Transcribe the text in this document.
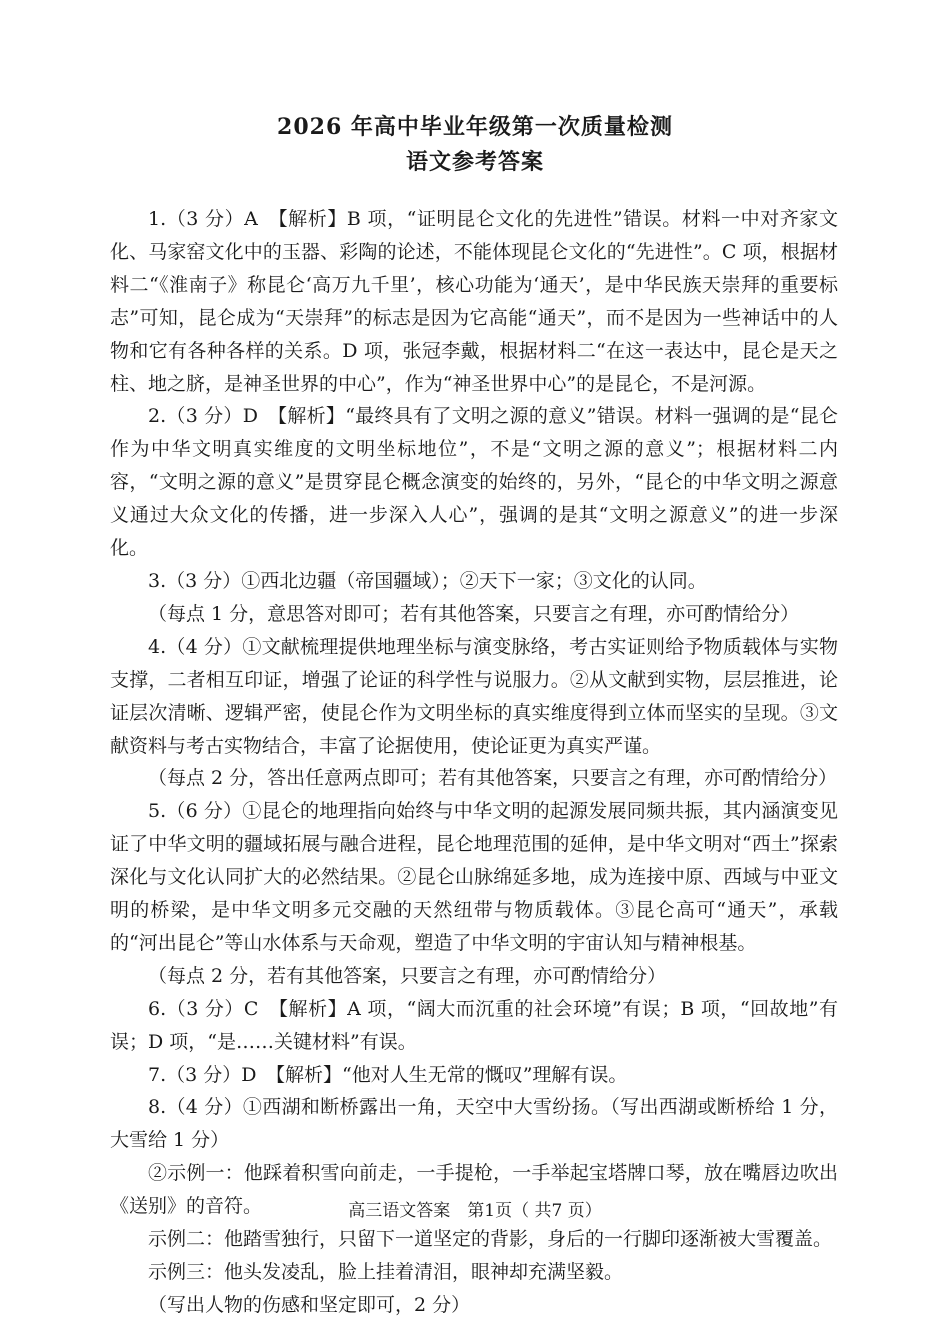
2026 年高中毕业年级第一次质量检测
语文参考答案

1.（3 分）A　【解析】B 项，“证明昆仑文化的先进性”错误。材料一中对齐家文化、马家窑文化中的玉器、彩陶的论述，不能体现昆仑文化的“先进性”。C 项，根据材料二“《淮南子》称昆仑‘高万九千里’，核心功能为‘通天’，是中华民族天崇拜的重要标志”可知，昆仑成为“天崇拜”的标志是因为它高能“通天”，而不是因为一些神话中的人物和它有各种各样的关系。D 项，张冠李戴，根据材料二“在这一表达中，昆仑是天之柱、地之脐，是神圣世界的中心”，作为“神圣世界中心”的是昆仑，不是河源。

2.（3 分）D　【解析】“最终具有了文明之源的意义”错误。材料一强调的是“昆仑作为中华文明真实维度的文明坐标地位”，不是“文明之源的意义”；根据材料二内容，“文明之源的意义”是贯穿昆仑概念演变的始终的，另外，“昆仑的中华文明之源意义通过大众文化的传播，进一步深入人心”，强调的是其“文明之源意义”的进一步深化。

3.（3 分）①西北边疆（帝国疆域）；②天下一家；③文化的认同。

（每点 1 分，意思答对即可；若有其他答案，只要言之有理，亦可酌情给分）

4.（4 分）①文献梳理提供地理坐标与演变脉络，考古实证则给予物质载体与实物支撑，二者相互印证，增强了论证的科学性与说服力。②从文献到实物，层层推进，论证层次清晰、逻辑严密，使昆仑作为文明坐标的真实维度得到立体而坚实的呈现。③文献资料与考古实物结合，丰富了论据使用，使论证更为真实严谨。

（每点 2 分，答出任意两点即可；若有其他答案，只要言之有理，亦可酌情给分）

5.（6 分）①昆仑的地理指向始终与中华文明的起源发展同频共振，其内涵演变见证了中华文明的疆域拓展与融合进程，昆仑地理范围的延伸，是中华文明对“西土”探索深化与文化认同扩大的必然结果。②昆仑山脉绵延多地，成为连接中原、西域与中亚文明的桥梁，是中华文明多元交融的天然纽带与物质载体。③昆仑高可“通天”，承载的“河出昆仑”等山水体系与天命观，塑造了中华文明的宇宙认知与精神根基。

（每点 2 分，若有其他答案，只要言之有理，亦可酌情给分）

6.（3 分）C　【解析】A 项，“阔大而沉重的社会环境”有误；B 项，“回故地”有误；D 项，“是……关键材料”有误。

7.（3 分）D　【解析】“他对人生无常的慨叹”理解有误。

8.（4 分）①西湖和断桥露出一角，天空中大雪纷扬。（写出西湖或断桥给 1 分，大雪给 1 分）

②示例一：他踩着积雪向前走，一手提枪，一手举起宝塔牌口琴，放在嘴唇边吹出《送别》的音符。

示例二：他踏雪独行，只留下一道坚定的背影，身后的一行脚印逐渐被大雪覆盖。

示例三：他头发凌乱，脸上挂着清泪，眼神却充满坚毅。

（写出人物的伤感和坚定即可，2 分）

高三语文答案　第1页（ 共7 页）
